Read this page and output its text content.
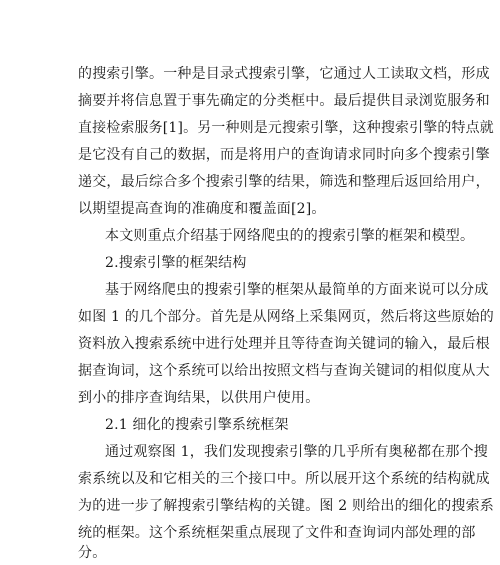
的搜索引擎。一种是目录式搜索引擎，它通过人工读取文档，形成
摘要并将信息置于事先确定的分类框中。最后提供目录浏览服务和
直接检索服务[1]。另一种则是元搜索引擎，这种搜索引擎的特点就
是它没有自己的数据，而是将用户的查询请求同时向多个搜索引擎
递交，最后综合多个搜索引擎的结果，筛选和整理后返回给用户，
以期望提高查询的准确度和覆盖面[2]。
本文则重点介绍基于网络爬虫的的搜索引擎的框架和模型。
2.搜索引擎的框架结构
基于网络爬虫的搜索引擎的框架从最简单的方面来说可以分成
如图 1 的几个部分。首先是从网络上采集网页，然后将这些原始的
资料放入搜索系统中进行处理并且等待查询关键词的输入，最后根
据查询词，这个系统可以给出按照文档与查询关键词的相似度从大
到小的排序查询结果，以供用户使用。
2.1 细化的搜索引擎系统框架
通过观察图 1，我们发现搜索引擎的几乎所有奥秘都在那个搜
索系统以及和它相关的三个接口中。所以展开这个系统的结构就成
为的进一步了解搜索引擎结构的关键。图 2 则给出的细化的搜索系
统的框架。这个系统框架重点展现了文件和查询词内部处理的部
分。
